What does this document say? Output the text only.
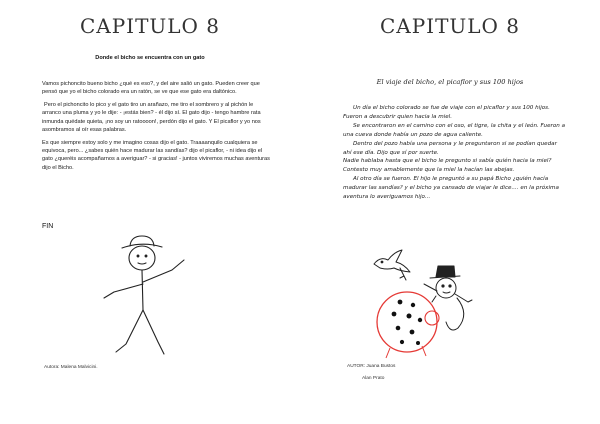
CAPITULO 8
Donde el bicho se encuentra con un gato

Vamos pichoncito bueno bicho ¿qué es eso?, y del aire salió un gato. Pueden creer que pensó que yo el bicho colorado era un ratón, se ve que ese gato era daltónico.

Pero el pichoncito lo pico y el gato tiro un arañazo, me tiro el sombrero y al pichón le arranco una pluma y yo le dije: - ¡estás bien? - él dijo sí. El gato dijo - tengo hambre rata inmunda quédate quieta, ¡no soy un ratoooon!, perdón dijo el gato. Y El picaflor y yo nos asombramos al oír esas palabras.

Es que siempre estoy solo y me imagino cosas dijo el gato. Traaaanquilo cualquiera se equivoca, pero... ¿sabes quién hace madurar las sandías? dijo el picaflor, - ni idea dijo el gato ¿queréis acompañarnos a averiguar? - si gracias! - juntos viviremos muchas aventuras dijo el Bicho.

FIN
Autora: Malena Malvicini.
CAPITULO 8
El viaje del bicho, el picaflor y sus 100 hijos

Un día el bicho colorado se fue de viaje con el picaflor y sus 100 hijos. Fueron a descubrir quien hacia la miel.

Se encontraron en el camino con el oso, el tigre, la chita y el león. Fueron a una cueva donde había un pozo de agua caliente.

Dentro del pozo había una persona y le preguntaron si se podían quedar ahí ese día. Dijo que sí por suerte.

Nadie hablaba hasta que el bicho le pregunto si sabía quién hacia la miel? Contesto muy amablemente que la miel la hacían las abejas.

Al otro día se fueron. El hijo le preguntó a su papá Bicho ¿quién hacía madurar las sandías? y el bicho ya cansado de viajar le dice.... en la próxima aventura lo averiguamos hijo...

AUTOR: Juana Bustos
Alan Prato
